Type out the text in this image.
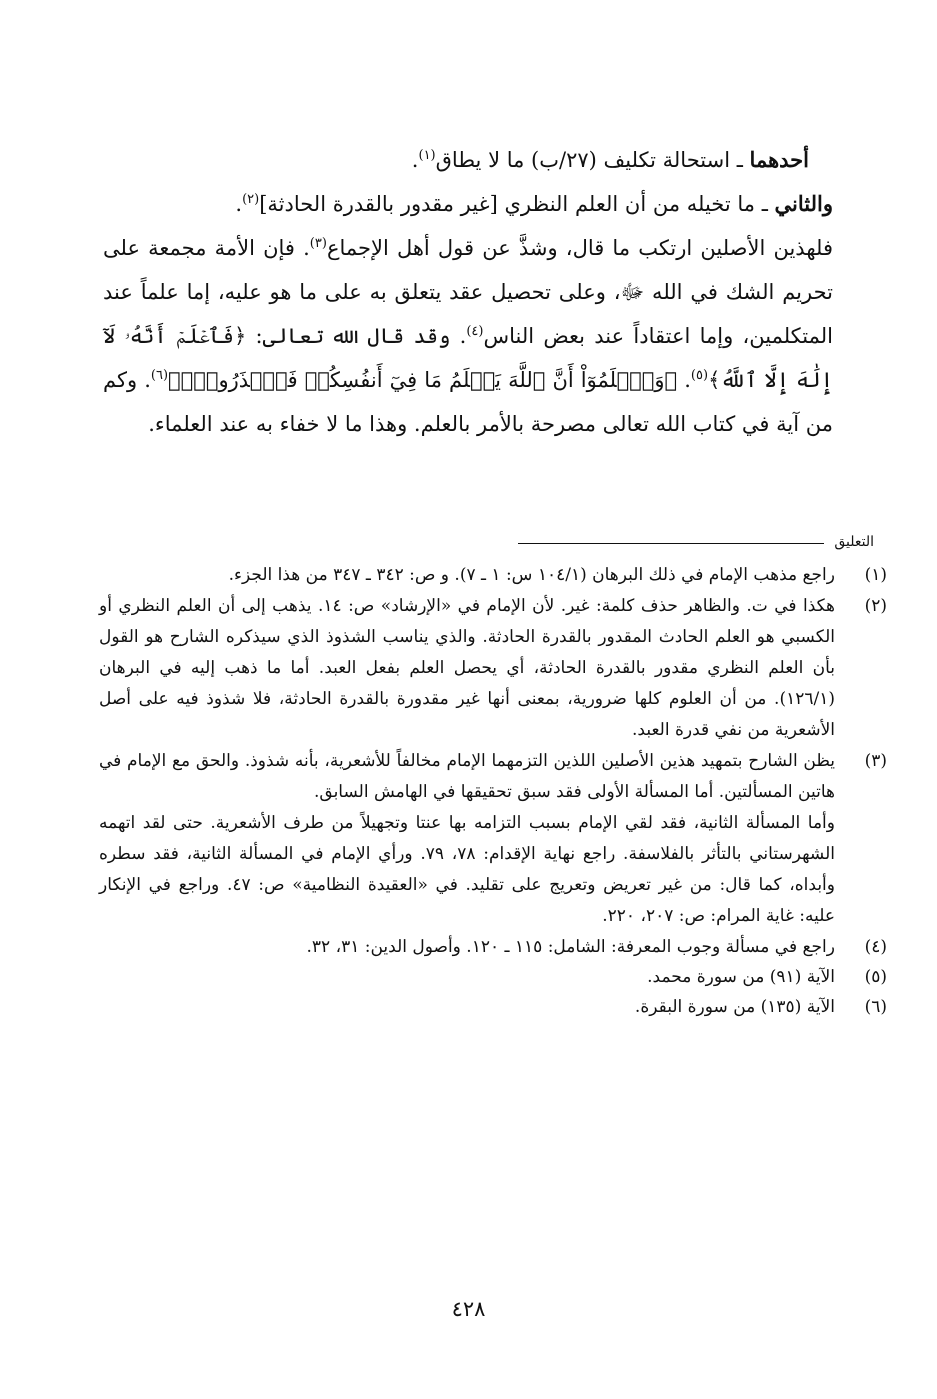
أحدهما ـ استحالة تكليف (٢٧/ب) ما لا يطاق$^{(١)}$.

والثاني ـ ما تخيله من أن العلم النظري [غير مقدور بالقدرة الحادثة]$^{(٢)}$.

فلهذين الأصلين ارتكب ما قال، وشذَّ عن قول أهل الإجماع$^{(٣)}$. فإن الأمة مجمعة على تحريم الشك في الله ﷻ، وعلى تحصيل عقد يتعلق به على ما هو عليه، إما علماً عند المتكلمين، وإما اعتقاداً عند بعض الناس$^{(٤)}$. وقد قال الله تعالى: ﴿فَٱعۡلَمۡ أَنَّهُۥ لَآ إِلَٰهَ إِلَّا ٱللَّهُ﴾$^{(٥)}$. ﴿وَٱعۡلَمُوٓاْ أَنَّ ٱللَّهَ يَعۡلَمُ مَا فِيٓ أَنفُسِكُمۡ فَٱحۡذَرُوهُۚ﴾$^{(٦)}$. وكم من آية في كتاب الله تعالى مصرحة بالأمر بالعلم. وهذا ما لا خفاء به عند العلماء.

التعليق
(١)

راجع مذهب الإمام في ذلك البرهان (١٠٤/١ س: ١ ـ ٧). و ص: ٣٤٢ ـ ٣٤٧ من هذا الجزء.

(٢)

هكذا في ت. والظاهر حذف كلمة: غير. لأن الإمام في «الإرشاد» ص: ١٤. يذهب إلى أن العلم النظري أو الكسبي هو العلم الحادث المقدور بالقدرة الحادثة. والذي يناسب الشذوذ الذي سيذكره الشارح هو القول بأن العلم النظري مقدور بالقدرة الحادثة، أي يحصل العلم بفعل العبد. أما ما ذهب إليه في البرهان (١٢٦/١). من أن العلوم كلها ضرورية، بمعنى أنها غير مقدورة بالقدرة الحادثة، فلا شذوذ فيه على أصل الأشعرية من نفي قدرة العبد.

(٣)

يظن الشارح بتمهيد هذين الأصلين اللذين التزمهما الإمام مخالفاً للأشعرية، بأنه شذوذ. والحق مع الإمام في هاتين المسألتين. أما المسألة الأولى فقد سبق تحقيقها في الهامش السابق.

وأما المسألة الثانية، فقد لقي الإمام بسبب التزامه بها عنتا وتجهيلاً من طرف الأشعرية. حتى لقد اتهمه الشهرستاني بالتأثر بالفلاسفة. راجع نهاية الإقدام: ٧٨، ٧٩. ورأي الإمام في المسألة الثانية، فقد سطره وأبداه، كما قال: من غير تعريض وتعريج على تقليد. في «العقيدة النظامية» ص: ٤٧. وراجع في الإنكار عليه: غاية المرام: ص: ٢٠٧، ٢٢٠.

(٤)

راجع في مسألة وجوب المعرفة: الشامل: ١١٥ ـ ١٢٠. وأصول الدين: ٣١، ٣٢.

(٥)

الآية (٩١) من سورة محمد.

(٦)

الآية (١٣٥) من سورة البقرة.

٤٢٨
